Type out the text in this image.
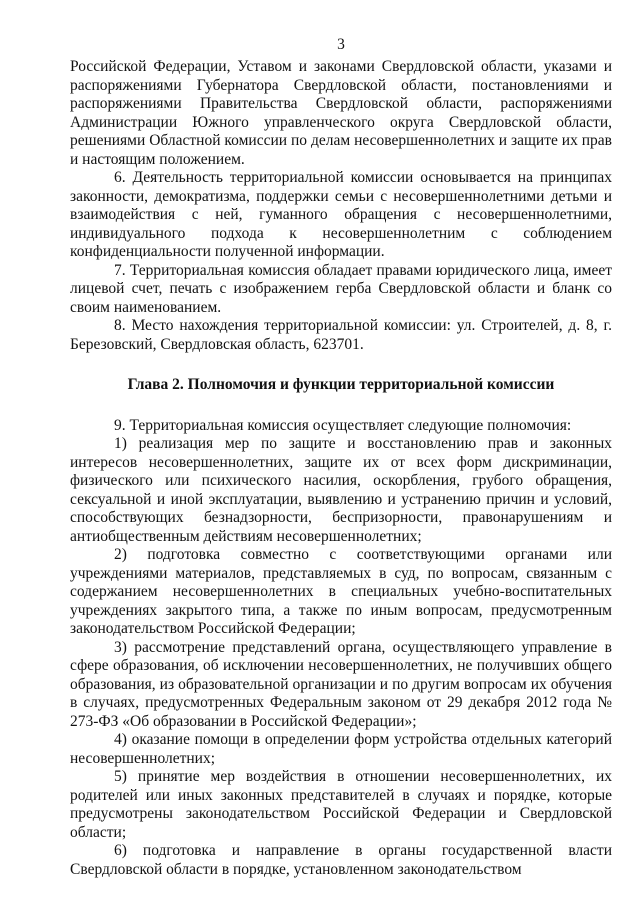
3

Российской Федерации, Уставом и законами Свердловской области, указами и распоряжениями Губернатора Свердловской области, постановлениями и распоряжениями Правительства Свердловской области, распоряжениями Администрации Южного управленческого округа Свердловской области, решениями Областной комиссии по делам несовершеннолетних и защите их прав и настоящим положением.

6. Деятельность территориальной комиссии основывается на принципах законности, демократизма, поддержки семьи с несовершеннолетними детьми и взаимодействия с ней, гуманного обращения с несовершеннолетними, индивидуального подхода к несовершеннолетним с соблюдением конфиденциальности полученной информации.

7. Территориальная комиссия обладает правами юридического лица, имеет лицевой счет, печать с изображением герба Свердловской области и бланк со своим наименованием.

8. Место нахождения территориальной комиссии: ул. Строителей, д. 8, г. Березовский, Свердловская область, 623701.

Глава 2. Полномочия и функции территориальной комиссии

9. Территориальная комиссия осуществляет следующие полномочия:

1) реализация мер по защите и восстановлению прав и законных интересов несовершеннолетних, защите их от всех форм дискриминации, физического или психического насилия, оскорбления, грубого обращения, сексуальной и иной эксплуатации, выявлению и устранению причин и условий, способствующих безнадзорности, беспризорности, правонарушениям и антиобщественным действиям несовершеннолетних;

2) подготовка совместно с соответствующими органами или учреждениями материалов, представляемых в суд, по вопросам, связанным с содержанием несовершеннолетних в специальных учебно-воспитательных учреждениях закрытого типа, а также по иным вопросам, предусмотренным законодательством Российской Федерации;

3) рассмотрение представлений органа, осуществляющего управление в сфере образования, об исключении несовершеннолетних, не получивших общего образования, из образовательной организации и по другим вопросам их обучения в случаях, предусмотренных Федеральным законом от 29 декабря 2012 года № 273-ФЗ «Об образовании в Российской Федерации»;

4) оказание помощи в определении форм устройства отдельных категорий несовершеннолетних;

5) принятие мер воздействия в отношении несовершеннолетних, их родителей или иных законных представителей в случаях и порядке, которые предусмотрены законодательством Российской Федерации и Свердловской области;

6) подготовка и направление в органы государственной власти Свердловской области в порядке, установленном законодательством
